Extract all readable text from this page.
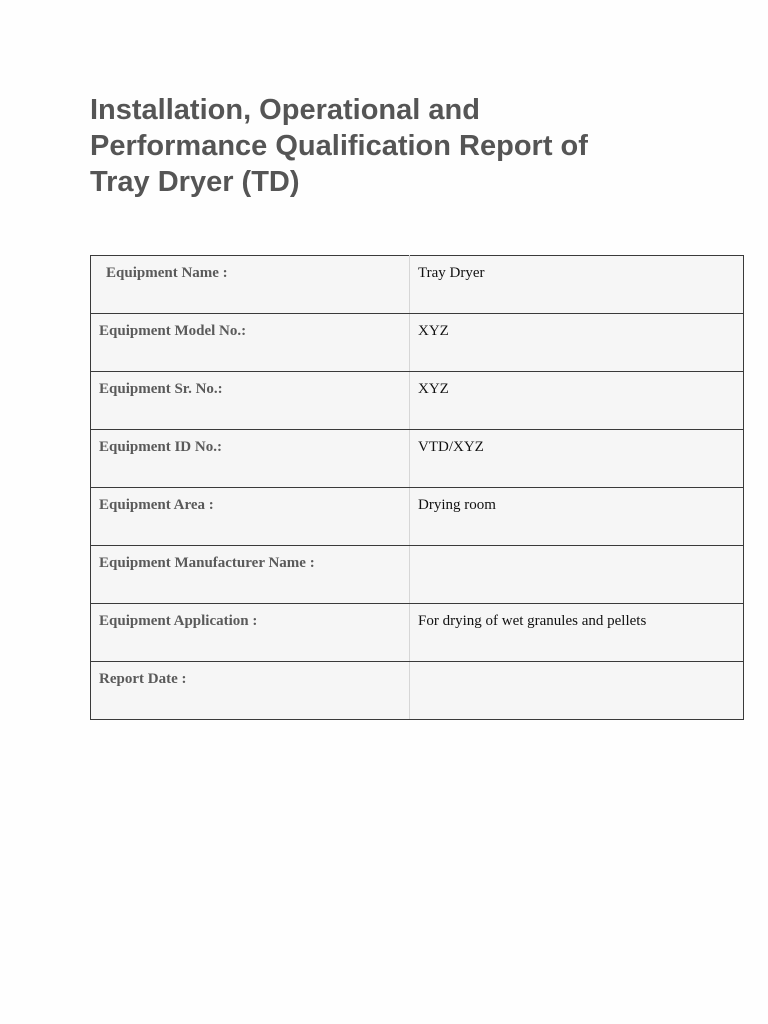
Installation, Operational and
Performance Qualification Report of
Tray Dryer (TD)
Equipment Name :	Tray Dryer

Equipment Model No.:	XYZ

Equipment Sr. No.:	XYZ

Equipment ID No.:	VTD/XYZ

Equipment Area :	Drying room

Equipment Manufacturer Name :	

Equipment Application :	For drying of wet granules and pellets

Report Date :	
